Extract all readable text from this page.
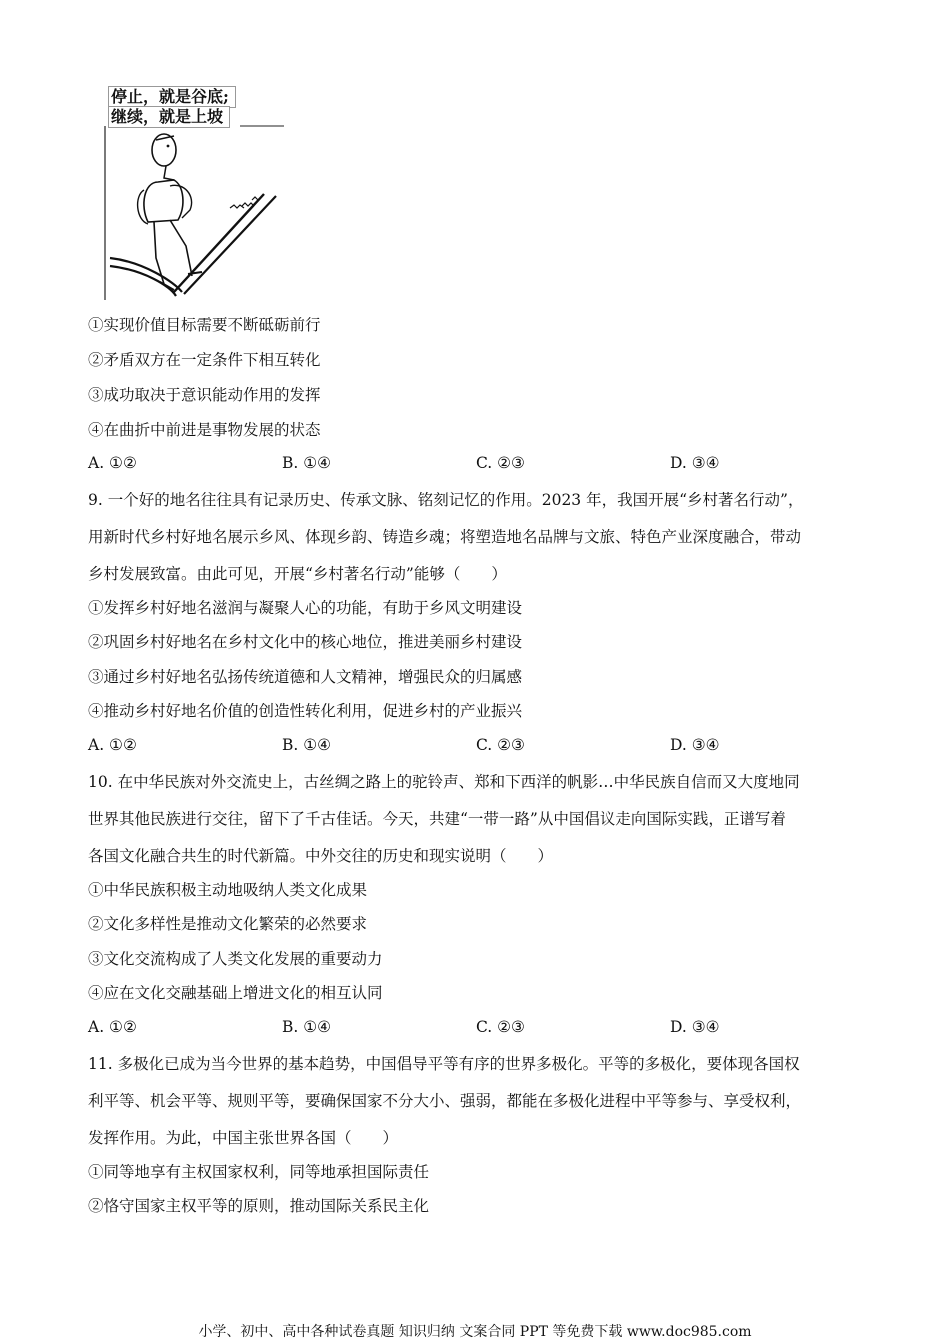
停止，就是谷底;
继续，就是上坡
①实现价值目标需要不断砥砺前行
②矛盾双方在一定条件下相互转化
③成功取决于意识能动作用的发挥
④在曲折中前进是事物发展的状态
A. ①②	B. ①④	C. ②③	D. ③④
9. 一个好的地名往往具有记录历史、传承文脉、铭刻记忆的作用。2023 年，我国开展“乡村著名行动”，
用新时代乡村好地名展示乡风、体现乡韵、铸造乡魂；将塑造地名品牌与文旅、特色产业深度融合，带动
乡村发展致富。由此可见，开展“乡村著名行动”能够（　　）
①发挥乡村好地名滋润与凝聚人心的功能，有助于乡风文明建设
②巩固乡村好地名在乡村文化中的核心地位，推进美丽乡村建设
③通过乡村好地名弘扬传统道德和人文精神，增强民众的归属感
④推动乡村好地名价值的创造性转化利用，促进乡村的产业振兴
A. ①②	B. ①④	C. ②③	D. ③④
10. 在中华民族对外交流史上，古丝绸之路上的驼铃声、郑和下西洋的帆影…中华民族自信而又大度地同
世界其他民族进行交往，留下了千古佳话。今天，共建“一带一路”从中国倡议走向国际实践，正谱写着
各国文化融合共生的时代新篇。中外交往的历史和现实说明（　　）
①中华民族积极主动地吸纳人类文化成果
②文化多样性是推动文化繁荣的必然要求
③文化交流构成了人类文化发展的重要动力
④应在文化交融基础上增进文化的相互认同
A. ①②	B. ①④	C. ②③	D. ③④
11. 多极化已成为当今世界的基本趋势，中国倡导平等有序的世界多极化。平等的多极化，要体现各国权
利平等、机会平等、规则平等，要确保国家不分大小、强弱，都能在多极化进程中平等参与、享受权利，
发挥作用。为此，中国主张世界各国（　　）
①同等地享有主权国家权利，同等地承担国际责任
②恪守国家主权平等的原则，推动国际关系民主化
小学、初中、高中各种试卷真题 知识归纳 文案合同 PPT 等免费下载 www.doc985.com
